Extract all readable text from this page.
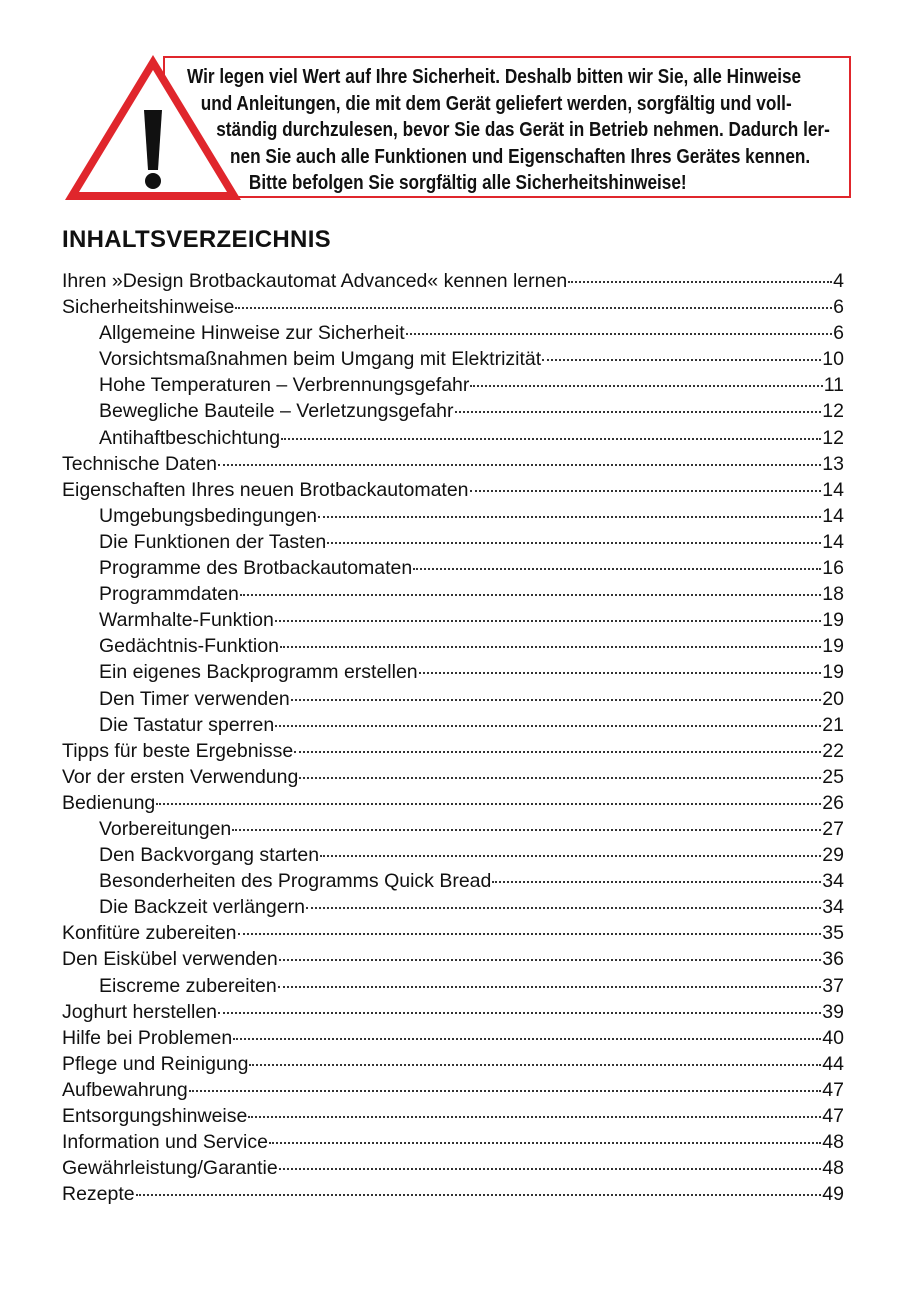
Wir legen viel Wert auf Ihre Sicherheit. Deshalb bitten wir Sie, alle Hinweise
und Anleitungen, die mit dem Gerät geliefert werden, sorgfältig und voll-
ständig durchzulesen, bevor Sie das Gerät in Betrieb nehmen. Dadurch ler-
nen Sie auch alle Funktionen und Eigenschaften Ihres Gerätes kennen.
Bitte befolgen Sie sorgfältig alle Sicherheitshinweise!
INHALTSVERZEICHNIS
Ihren »Design Brotbackautomat Advanced« kennen lernen	4
Sicherheitshinweise	6
Allgemeine Hinweise zur Sicherheit	6
Vorsichtsmaßnahmen beim Umgang mit Elektrizität	10
Hohe Temperaturen – Verbrennungsgefahr	11
Bewegliche Bauteile – Verletzungsgefahr	12
Antihaftbeschichtung	12
Technische Daten	13
Eigenschaften Ihres neuen Brotbackautomaten	14
Umgebungsbedingungen	14
Die Funktionen der Tasten	14
Programme des Brotbackautomaten	16
Programmdaten	18
Warmhalte-Funktion	19
Gedächtnis-Funktion	19
Ein eigenes Backprogramm erstellen	19
Den Timer verwenden	20
Die Tastatur sperren	21
Tipps für beste Ergebnisse	22
Vor der ersten Verwendung	25
Bedienung	26
Vorbereitungen	27
Den Backvorgang starten	29
Besonderheiten des Programms Quick Bread	34
Die Backzeit verlängern	34
Konfitüre zubereiten	35
Den Eiskübel verwenden	36
Eiscreme zubereiten	37
Joghurt herstellen	39
Hilfe bei Problemen	40
Pflege und Reinigung	44
Aufbewahrung	47
Entsorgungshinweise	47
Information und Service	48
Gewährleistung/Garantie	48
Rezepte	49
